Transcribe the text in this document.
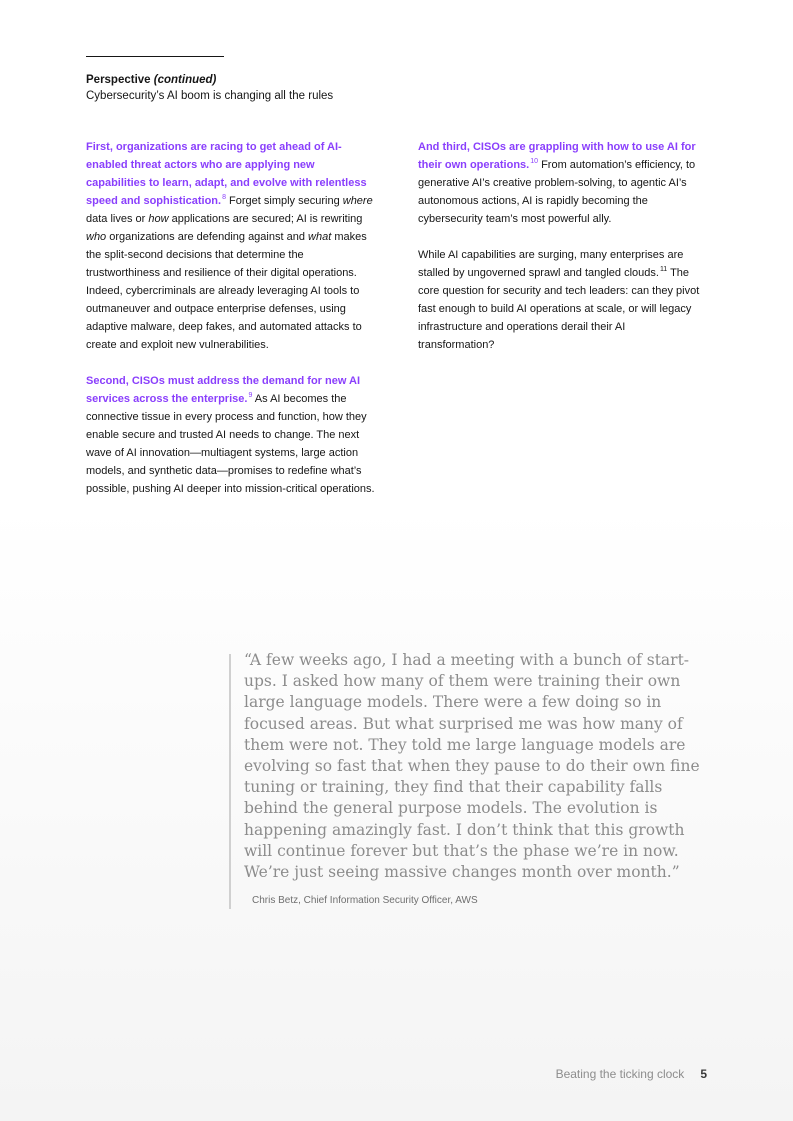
Perspective (continued)
Cybersecurity’s AI boom is changing all the rules

First, organizations are racing to get ahead of AI-enabled threat actors who are applying new capabilities to learn, adapt, and evolve with relentless speed and sophistication.$^8$ Forget simply securing where data lives or how applications are secured; AI is rewriting who organizations are defending against and what makes the split-second decisions that determine the trustworthiness and resilience of their digital operations. Indeed, cybercriminals are already leveraging AI tools to outmaneuver and outpace enterprise defenses, using adaptive malware, deep fakes, and automated attacks to create and exploit new vulnerabilities.

Second, CISOs must address the demand for new AI services across the enterprise.$^9$ As AI becomes the connective tissue in every process and function, how they enable secure and trusted AI needs to change. The next wave of AI innovation—multiagent systems, large action models, and synthetic data—promises to redefine what’s possible, pushing AI deeper into mission-critical operations.

And third, CISOs are grappling with how to use AI for their own operations.$^{10}$ From automation’s efficiency, to generative AI’s creative problem-solving, to agentic AI’s autonomous actions, AI is rapidly becoming the cybersecurity team’s most powerful ally.

While AI capabilities are surging, many enterprises are stalled by ungoverned sprawl and tangled clouds.$^{11}$ The core question for security and tech leaders: can they pivot fast enough to build AI operations at scale, or will legacy infrastructure and operations derail their AI transformation?

“A few weeks ago, I had a meeting with a bunch of start-ups. I asked how many of them were training their own large language models. There were a few doing so in focused areas. But what surprised me was how many of them were not. They told me large language models are evolving so fast that when they pause to do their own fine tuning or training, they find that their capability falls behind the general purpose models. The evolution is happening amazingly fast. I don’t think that this growth will continue forever but that’s the phase we’re in now. We’re just seeing massive changes month over month.”
Chris Betz, Chief Information Security Officer, AWS
Beating the ticking clock 5
